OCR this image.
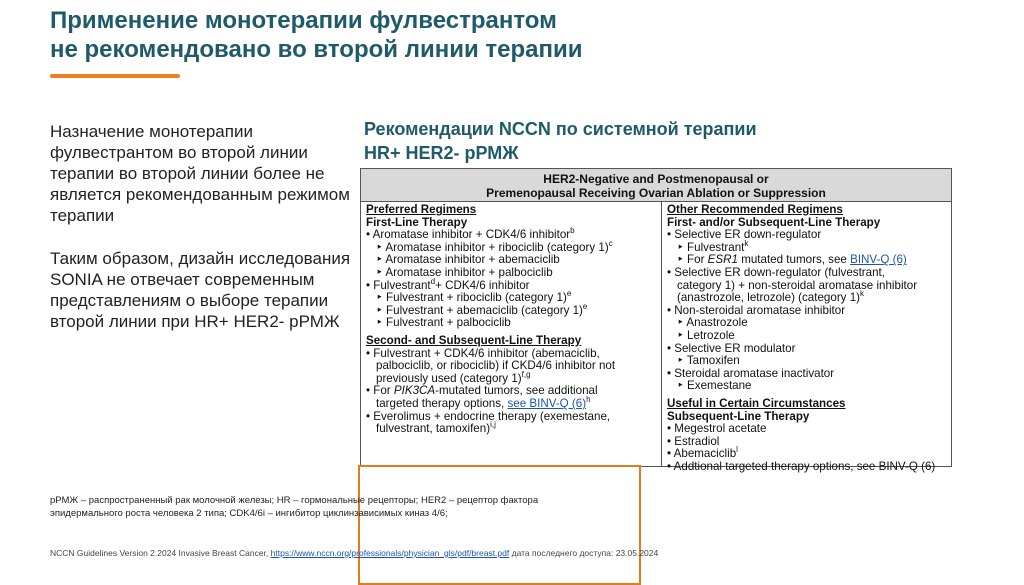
Применение монотерапии фулвестрантом
не рекомендовано во второй линии терапии

Назначение монотерапии фулвестрантом во второй линии терапии во второй линии более не является рекомендованным режимом терапии

Таким образом, дизайн исследования SONIA не отвечает современным представлениям о выборе терапии второй линии при HR+ HER2- рРМЖ

Рекомендации NCCN по системной терапии HR+ HER2- рРМЖ
HER2-Negative and Postmenopausal or
Premenopausal Receiving Ovarian Ablation or Suppression
Preferred Regimens
First-Line Therapy
• Aromatase inhibitor + CDK4/6 inhibitor$^b$
‣ Aromatase inhibitor + ribociclib (category 1)$^c$
‣ Aromatase inhibitor + abemaciclib
‣ Aromatase inhibitor + palbociclib
• Fulvestrant$^d$+ CDK4/6 inhibitor
‣ Fulvestrant + ribociclib (category 1)$^e$
‣ Fulvestrant + abemaciclib (category 1)$^e$
‣ Fulvestrant + palbociclib
Second- and Subsequent-Line Therapy
• Fulvestrant + CDK4/6 inhibitor (abemaciclib,
palbociclib, or ribociclib) if CKD4/6 inhibitor not
previously used (category 1)$^{f,g}$
• For PIK3CA-mutated tumors, see additional
targeted therapy options, see BINV-Q $(6)^h$
• Everolimus + endocrine therapy (exemestane,
fulvestrant, tamoxifen)$^{i,j}$
Other Recommended Regimens
First- and/or Subsequent-Line Therapy
• Selective ER down-regulator
‣ Fulvestrant$^k$
‣ For ESR1 mutated tumors, see BINV-Q (6)
• Selective ER down-regulator (fulvestrant,
category 1) + non-steroidal aromatase inhibitor
(anastrozole, letrozole) (category 1)$^k$
• Non-steroidal aromatase inhibitor
‣ Anastrozole
‣ Letrozole
• Selective ER modulator
‣ Tamoxifen
• Steroidal aromatase inactivator
‣ Exemestane
Useful in Certain Circumstances
Subsequent-Line Therapy
• Megestrol acetate
• Estradiol
• Abemaciclib$^l$
• Addtional targeted therapy options, see BINV-Q (6)
рРМЖ – распространенный рак молочной железы; HR – гормональные рецепторы; HER2 – рецептор фактора
эпидермального роста человека 2 типа; CDK4/6i – ингибитор циклинзависимых киназ 4/6;
NCCN Guidelines Version 2.2024 Invasive Breast Cancer, https://www.nccn.org/professionals/physician_gls/pdf/breast.pdf дата последнего доступа: 23.05.2024
